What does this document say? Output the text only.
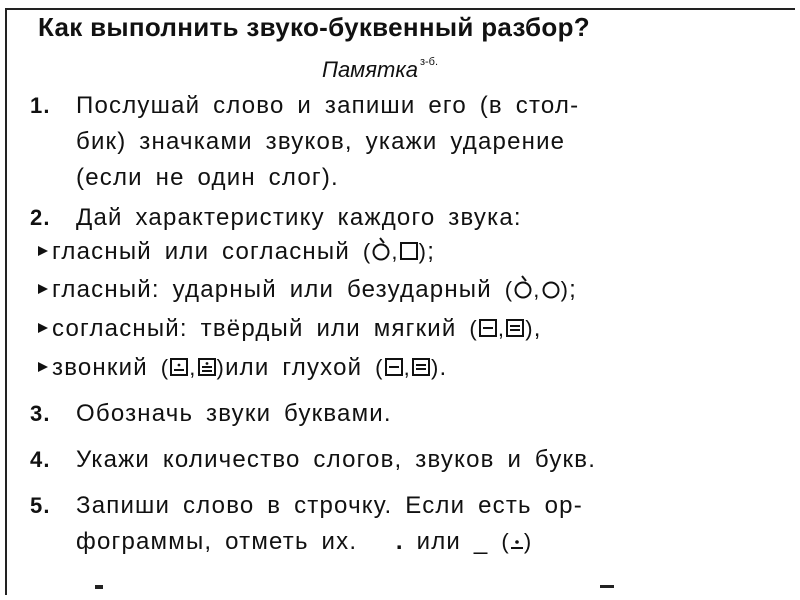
Как выполнить звуко-буквенный разбор?
Памятка $^{з-б.}$
1. Послушай слово и запиши его (в стол-
бик) значками звуков, укажи ударение
(если не один слог).
2. Дай характеристику каждого звука:
гласный или согласный ( , );
гласный: ударный или безударный ( , );
согласный: твёрдый или мягкий ( , ),
звонкий ( , )или глухой ( , ).
3. Обозначь звуки буквами.
4. Укажи количество слогов, звуков и букв.
5. Запиши слово в строчку. Если есть ор-
фограммы, отметь их. . или _ ( )
